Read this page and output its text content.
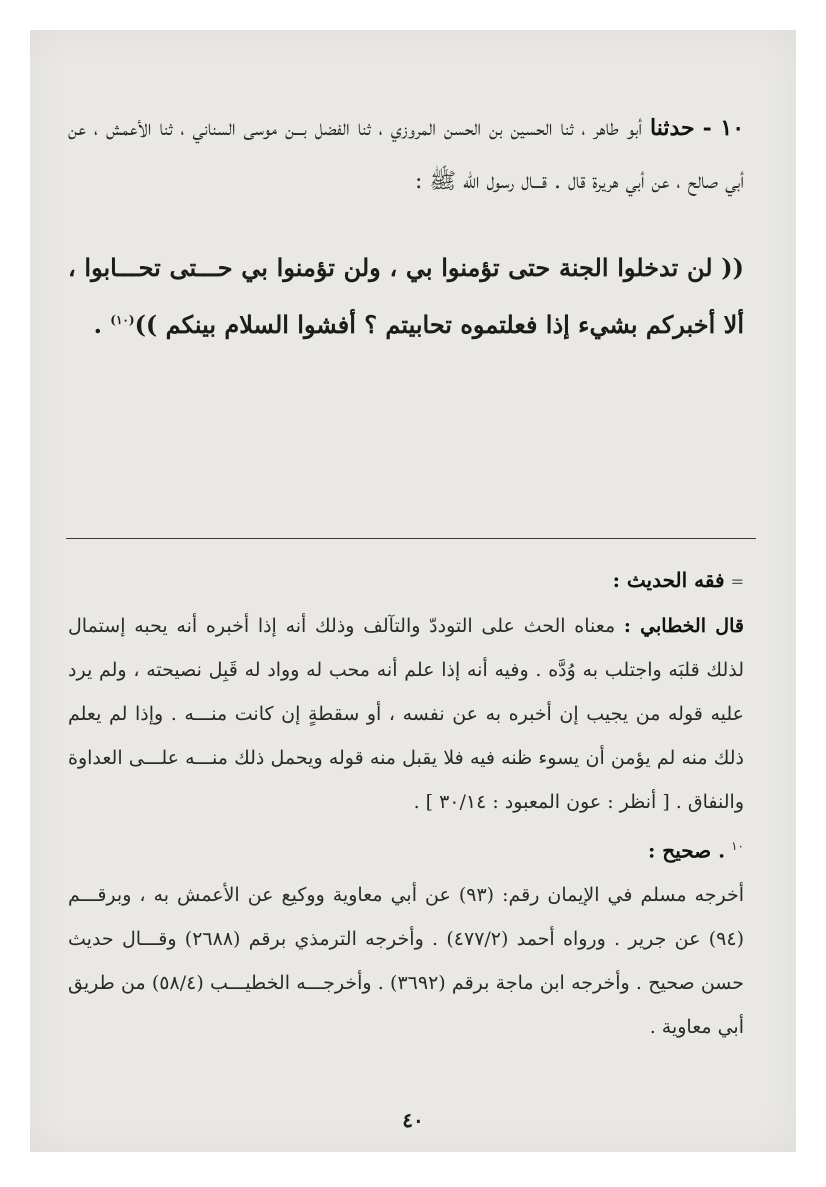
١٠ - حدثنا أبو طاهر ، ثنا الحسين بن الحسن المروزي ، ثنا الفضل بـــن موسى السناني ، ثنا الأعمش ، عن أبي صالح ، عن أبي هريرة قال . قـــال رسول الله ﷺ :

(( لن تدخلوا الجنة حتى تؤمنوا بي ، ولن تؤمنوا بي حـــتى تحـــابوا ، ألا أخبركم بشيء إذا فعلتموه تحابيتم ؟ أفشوا السلام بينكم ))$^{(١٠)}$ .

= فقه الحديث :

قال الخطابي : معناه الحث على التوددّ والتآلف وذلك أنه إذا أخبره أنه يحبه إستمال لذلك قلبَه واجتلب به وُدَّه . وفيه أنه إذا علم أنه محب له وواد له قَبِل نصيحته ، ولم يرد عليه قوله من يجيب إن أخبره به عن نفسه ، أو سقطةٍ إن كانت منـــه . وإذا لم يعلم ذلك منه لم يؤمن أن يسوء ظنه فيه فلا يقبل منه قوله ويحمل ذلك منـــه علـــى العداوة والنفاق . [ أنظر : عون المعبود : ٣٠/١٤ ] .

$^{١٠}$ . صحيح :

أخرجه مسلم في الإيمان رقم: (٩٣) عن أبي معاوية ووكيع عن الأعمش به ، وبرقـــم (٩٤) عن جرير . ورواه أحمد (٤٧٧/٢) . وأخرجه الترمذي برقم (٢٦٨٨) وقـــال حديث حسن صحيح . وأخرجه ابن ماجة برقم (٣٦٩٢) . وأخرجـــه الخطيـــب (٥٨/٤) من طريق أبي معاوية .

٤٠
